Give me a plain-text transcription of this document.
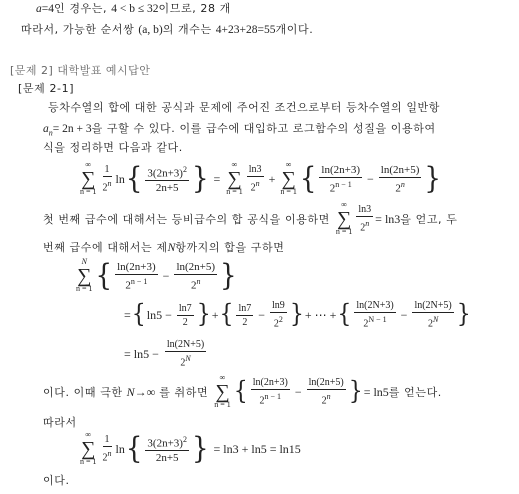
a=4인 경우는, 4 < b ≤ 32이므로, 28 개
따라서, 가능한 순서쌍 (a, b)의 개수는 4+23+28=55개이다.
[문제 2] 대학발표 예시답안
[문제 2-1]
등차수열의 합에 대한 공식과 문제에 주어진 조건으로부터 등차수열의 일반항
$a_n= 2n + 3$을 구할 수 있다. 이를 급수에 대입하고 로그함수의 성질을 이용하여
식을 정리하면 다음과 같다.
∞
∑
$n = 1 \frac{1}{2^n}$ ln { $\frac{3(2n+3)^2}{2n+5}$ } =
∞
∑
$n = 1 \frac{\ln 3}{2^n}$ +
∞
∑
n = 1 { $\frac{\ln(2n+3)}{2^{n - 1}} - \frac{\ln(2n+5)}{2^n}$ }
첫 번째 급수에 대해서는 등비급수의 합 공식을 이용하면
∞
∑
$n = 1 \frac{\ln 3}{2^n} = \ln 3$ 을 얻고, 두
번째 급수에 대해서는 제N항까지의 합을 구하면
N
∑
n = 1 { $\frac{\ln(2n+3)}{2^{n - 1}} - \frac{\ln(2n+5)}{2^n}$ }
= { $\ln 5 - \frac{\ln 7}{2}$ } + { $\frac{\ln 7}{2} - \frac{\ln 9}{2^2}$ } + ⋯ + { $\frac{\ln(2N+3)}{2^{N - 1}} - \frac{\ln(2N+5)}{2^N}$ }
= $\ln 5 - \frac{\ln(2N+5)}{2^N}$
이다. 이때 극한 N→∞ 를 취하면
∞
∑
n = 1 { $\frac{\ln(2n+3)}{2^{n - 1}} - \frac{\ln(2n+5)}{2^n}$ } = ln5 를 얻는다.
따라서
∞
∑
$n = 1 \frac{1}{2^n}$ ln { $\frac{3(2n+3)^2}{2n+5}$ } = ln3 + ln5 = ln15
이다.
